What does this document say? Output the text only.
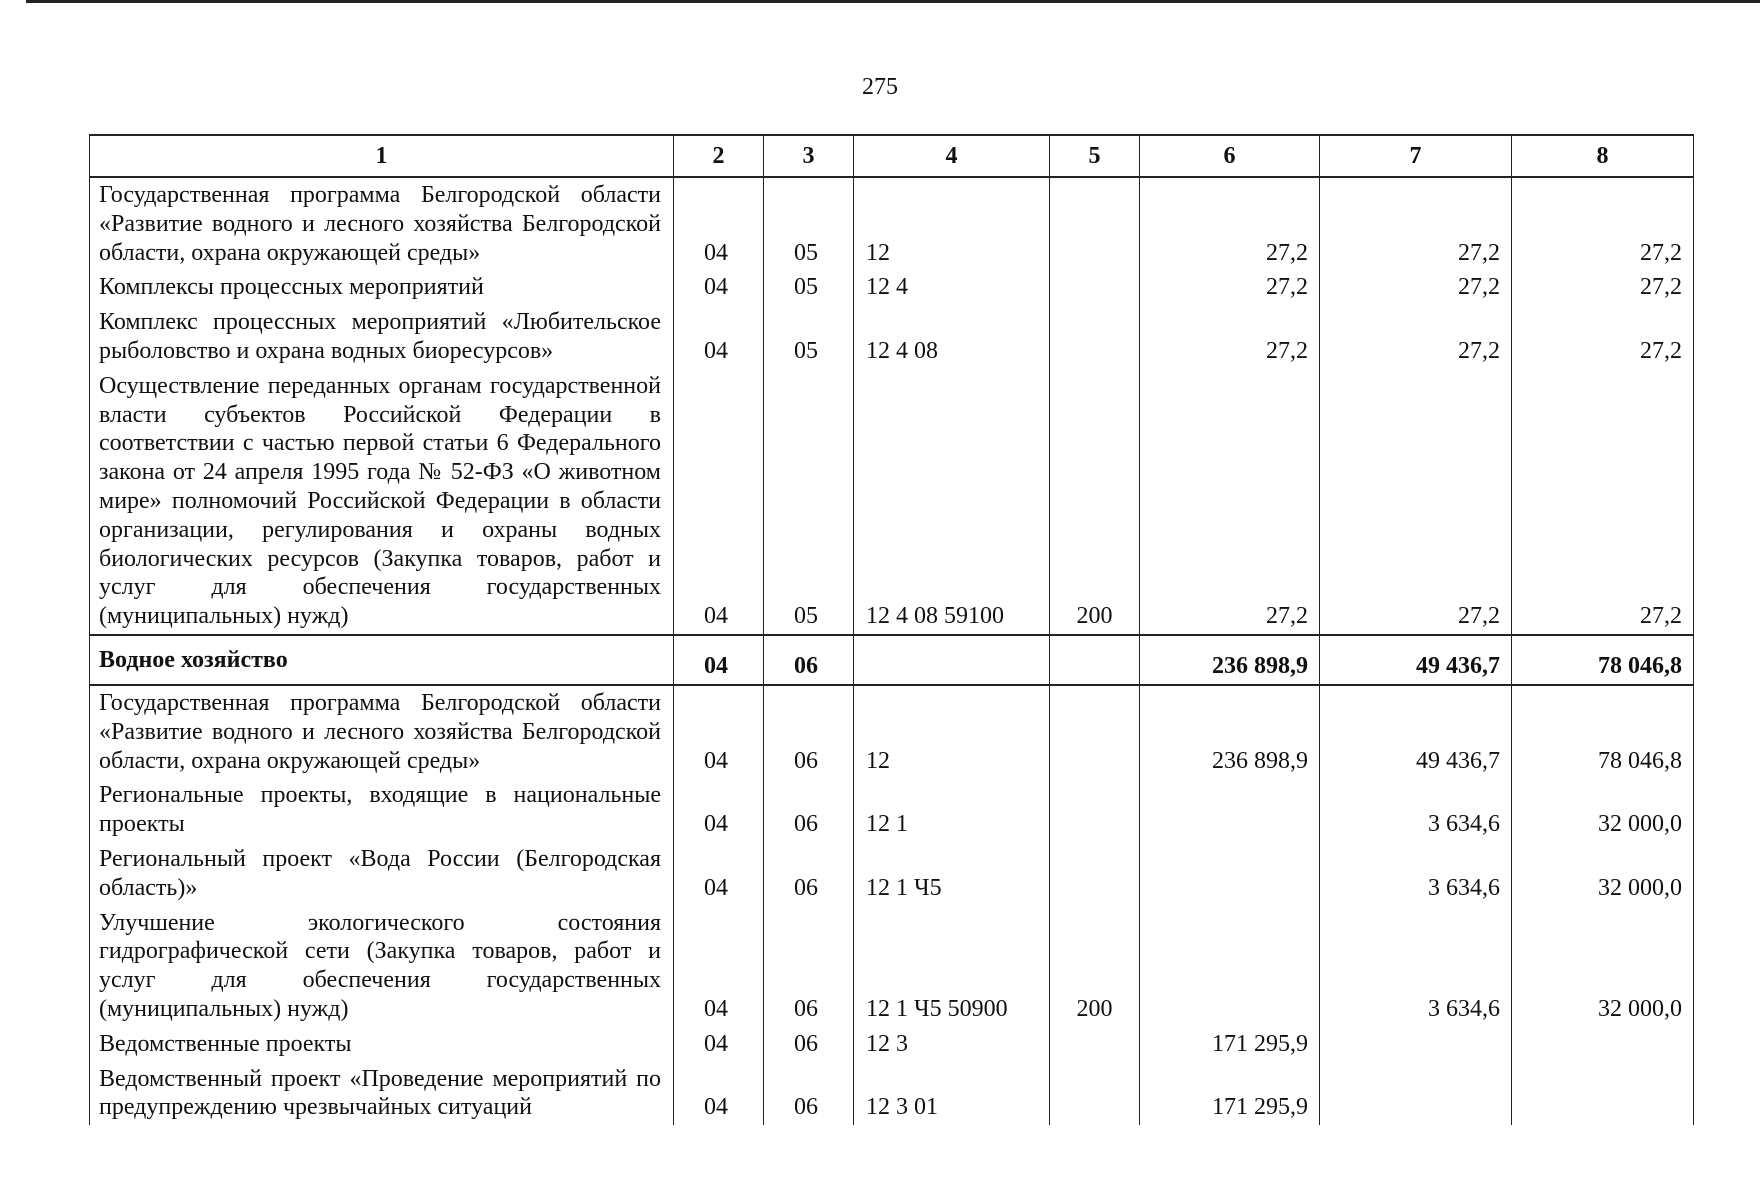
275
1	2	3	4	5	6	7	8
Государственная программа Белгородской области «Развитие водного и лесного хозяйства Белгородской области, охрана окружающей среды»	04	05	12		27,2	27,2	27,2
Комплексы процессных мероприятий	04	05	12 4		27,2	27,2	27,2
Комплекс процессных мероприятий «Любительское рыболовство и охрана водных биоресурсов»	04	05	12 4 08		27,2	27,2	27,2
Осуществление переданных органам государственной власти субъектов Российской Федерации в соответствии с частью первой статьи 6 Федерального закона от 24 апреля 1995 года № 52-ФЗ «О животном мире» полномочий Российской Федерации в области организации, регулирования и охраны водных биологических ресурсов (Закупка товаров, работ и услуг для обеспечения государственных (муниципальных) нужд)	04	05	12 4 08 59100	200	27,2	27,2	27,2
Водное хозяйство	04	06			236 898,9	49 436,7	78 046,8
Государственная программа Белгородской области «Развитие водного и лесного хозяйства Белгородской области, охрана окружающей среды»	04	06	12		236 898,9	49 436,7	78 046,8
Региональные проекты, входящие в национальные проекты	04	06	12 1			3 634,6	32 000,0
Региональный проект «Вода России (Белгородская область)»	04	06	12 1 Ч5			3 634,6	32 000,0
Улучшение экологического состояния гидрографической сети (Закупка товаров, работ и услуг для обеспечения государственных (муниципальных) нужд)	04	06	12 1 Ч5 50900	200		3 634,6	32 000,0
Ведомственные проекты	04	06	12 3		171 295,9		
Ведомственный проект «Проведение мероприятий по предупреждению чрезвычайных ситуаций	04	06	12 3 01		171 295,9		
